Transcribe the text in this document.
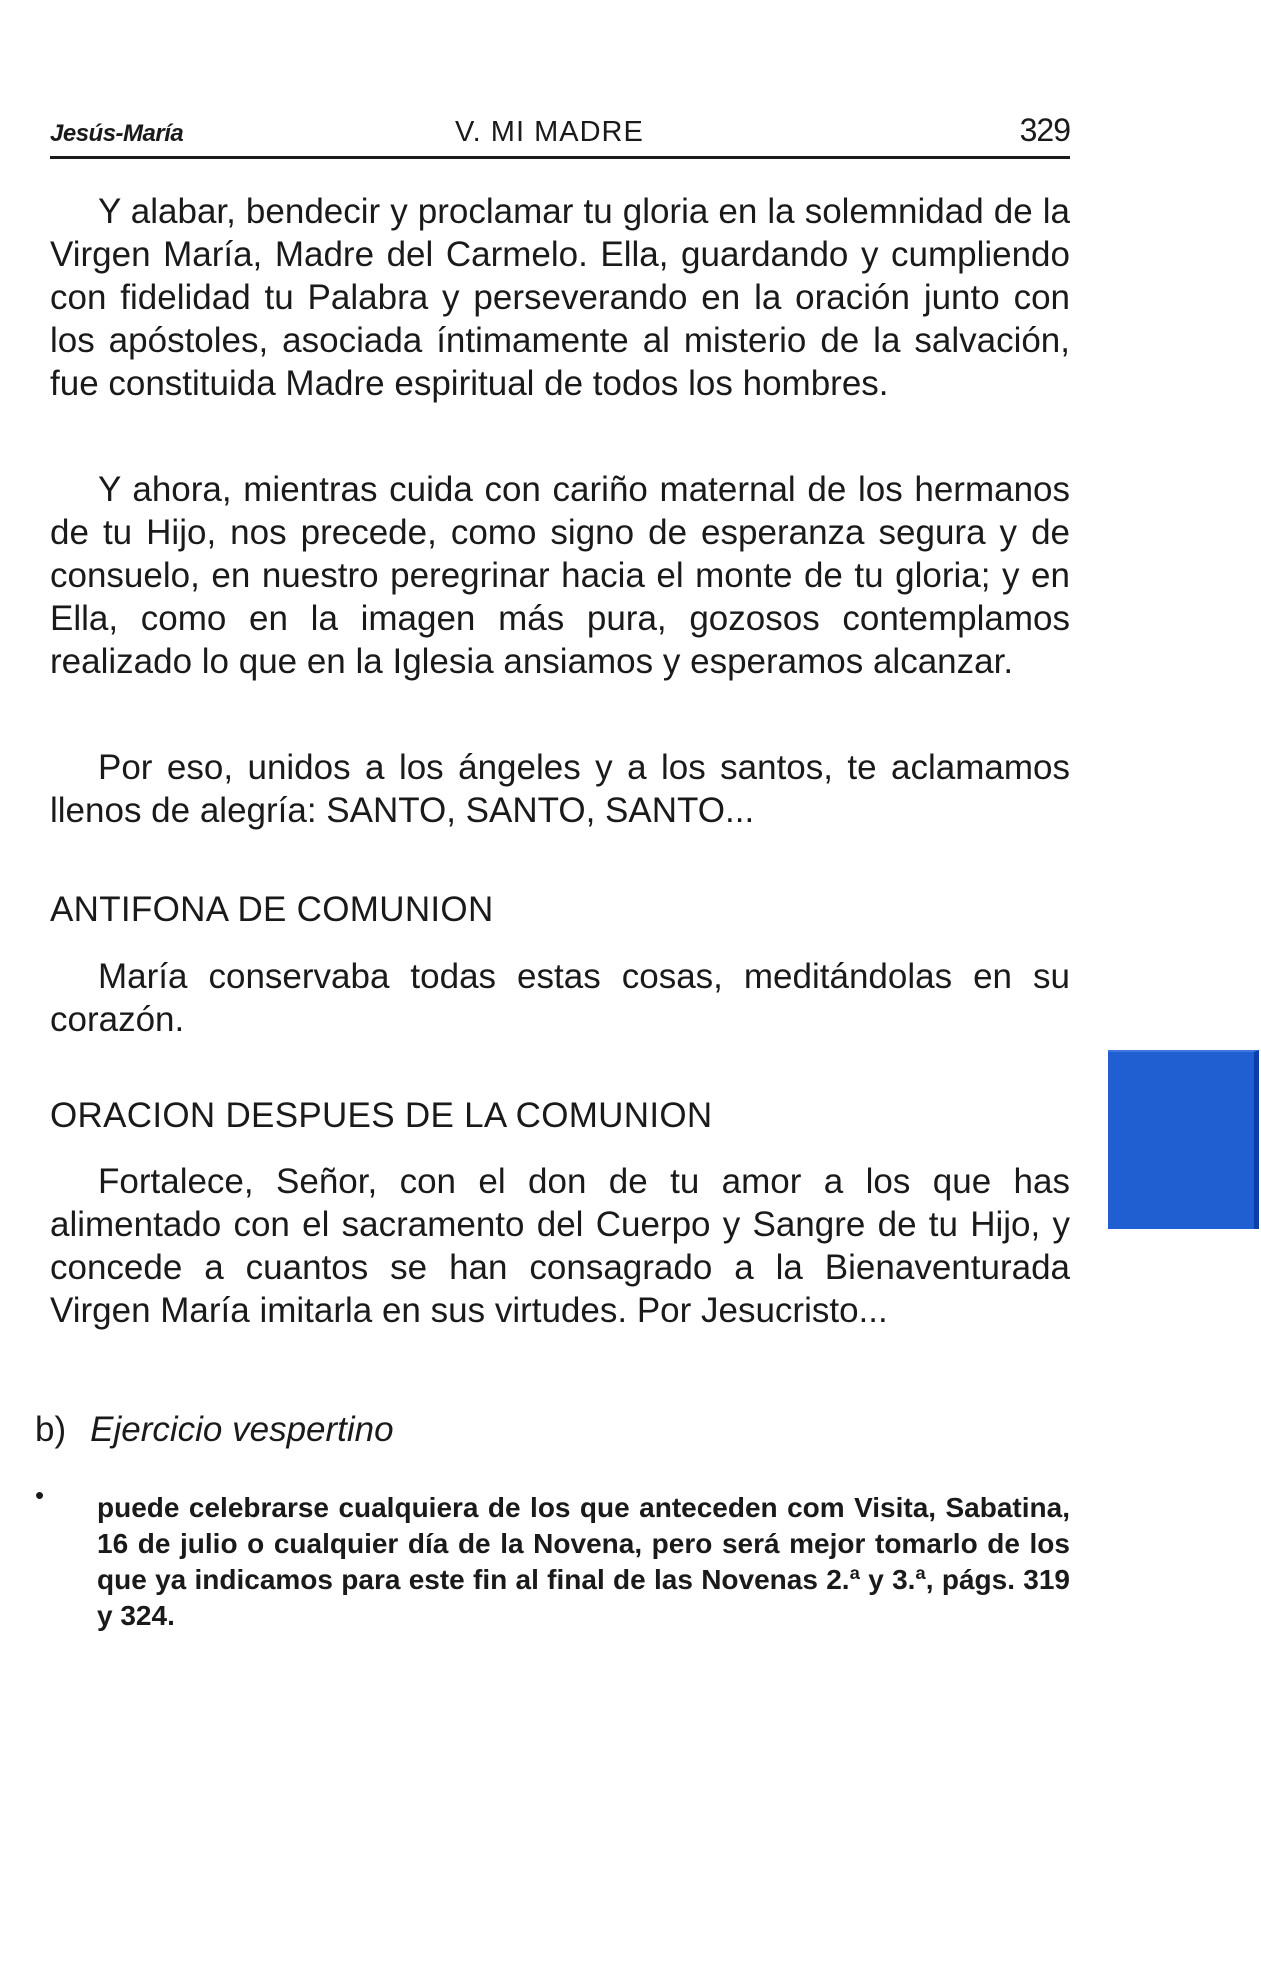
Jesús-María	V. MI MADRE	329

Y alabar, bendecir y proclamar tu gloria en la solemnidad de la Virgen María, Madre del Carmelo. Ella, guardando y cumpliendo con fidelidad tu Palabra y perseverando en la oración junto con los apóstoles, asociada íntimamente al misterio de la salvación, fue constituida Madre espiritual de todos los hombres.

Y ahora, mientras cuida con cariño maternal de los hermanos de tu Hijo, nos precede, como signo de esperanza segura y de consuelo, en nuestro peregrinar hacia el monte de tu gloria; y en Ella, como en la imagen más pura, gozosos contemplamos realizado lo que en la Iglesia ansiamos y esperamos alcanzar.

Por eso, unidos a los ángeles y a los santos, te aclamamos llenos de alegría: SANTO, SANTO, SANTO...

ANTIFONA DE COMUNION

María conservaba todas estas cosas, meditándolas en su corazón.

ORACION DESPUES DE LA COMUNION

Fortalece, Señor, con el don de tu amor a los que has alimentado con el sacramento del Cuerpo y Sangre de tu Hijo, y concede a cuantos se han consagrado a la Bienaventurada Virgen María imitarla en sus virtudes. Por Jesucristo...

b) Ejercicio vespertino
• puede celebrarse cualquiera de los que anteceden com Visita, Sabatina, 16 de julio o cualquier día de la Novena, pero será mejor tomarlo de los que ya indicamos para este fin al final de las Novenas 2.ª y 3.ª, págs. 319 y 324.
